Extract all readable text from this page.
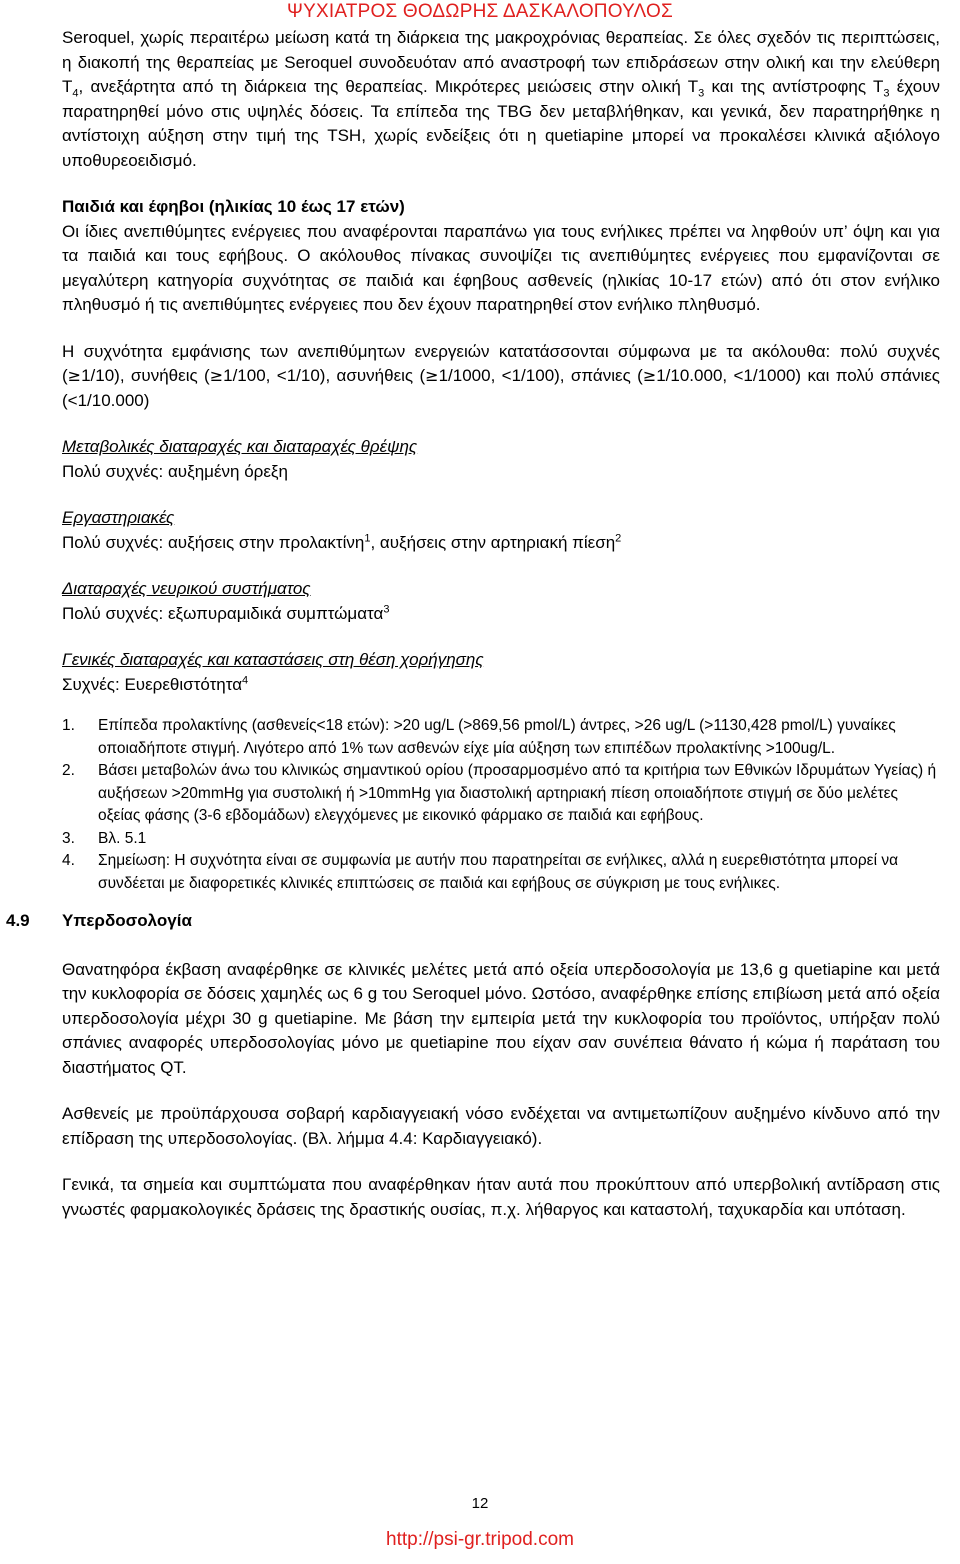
ΨΥΧΙΑΤΡΟΣ ΘΟΔΩΡΗΣ ΔΑΣΚΑΛΟΠΟΥΛΟΣ

Seroquel, χωρίς περαιτέρω μείωση κατά τη διάρκεια της μακροχρόνιας θεραπείας. Σε όλες σχεδόν τις περιπτώσεις, η διακοπή της θεραπείας με Seroquel συνοδευόταν από αναστροφή των επιδράσεων στην ολική και την ελεύθερη $T_4$, ανεξάρτητα από τη διάρκεια της θεραπείας. Μικρότερες μειώσεις στην ολική $T_3$ και της αντίστροφης $T_3$ έχουν παρατηρηθεί μόνο στις υψηλές δόσεις. Τα επίπεδα της TBG δεν μεταβλήθηκαν, και γενικά, δεν παρατηρήθηκε η αντίστοιχη αύξηση στην τιμή της TSH, χωρίς ενδείξεις ότι η quetiapine μπορεί να προκαλέσει κλινικά αξιόλογο υποθυρεοειδισμό.

Παιδιά και έφηβοι (ηλικίας 10 έως 17 ετών)

Οι ίδιες ανεπιθύμητες ενέργειες που αναφέρονται παραπάνω για τους ενήλικες πρέπει να ληφθούν υπ’ όψη και για τα παιδιά και τους εφήβους. Ο ακόλουθος πίνακας συνοψίζει τις ανεπιθύμητες ενέργειες που εμφανίζονται σε μεγαλύτερη κατηγορία συχνότητας σε παιδιά και έφηβους ασθενείς (ηλικίας 10-17 ετών) από ότι στον ενήλικο πληθυσμό ή τις ανεπιθύμητες ενέργειες που δεν έχουν παρατηρηθεί στον ενήλικο πληθυσμό.

Η συχνότητα εμφάνισης των ανεπιθύμητων ενεργειών κατατάσσονται σύμφωνα με τα ακόλουθα: πολύ συχνές (≥1/10), συνήθεις (≥1/100, <1/10), ασυνήθεις (≥1/1000, <1/100), σπάνιες (≥1/10.000, <1/1000) και πολύ σπάνιες (<1/10.000)

Μεταβολικές διαταραχές και διαταραχές θρέψης

Πολύ συχνές: αυξημένη όρεξη

Εργαστηριακές

Πολύ συχνές: αυξήσεις στην προλακτίνη$^1$, αυξήσεις στην αρτηριακή πίεση$^2$

Διαταραχές νευρικού συστήματος

Πολύ συχνές: εξωπυραμιδικά συμπτώματα$^3$

Γενικές διαταραχές και καταστάσεις στη θέση χορήγησης

Συχνές: Ευερεθιστότητα$^4$

1. Επίπεδα προλακτίνης (ασθενείς<18 ετών): >20 ug/L (>869,56 pmol/L) άντρες, >26 ug/L (>1130,428 pmol/L) γυναίκες οποιαδήποτε στιγμή. Λιγότερο από 1% των ασθενών είχε μία αύξηση των επιπέδων προλακτίνης >100ug/L.
2. Βάσει μεταβολών άνω του κλινικώς σημαντικού ορίου (προσαρμοσμένο από τα κριτήρια των Εθνικών Ιδρυμάτων Υγείας) ή αυξήσεων >20mmHg για συστολική ή >10mmHg για διαστολική αρτηριακή πίεση οποιαδήποτε στιγμή σε δύο μελέτες οξείας φάσης (3-6 εβδομάδων) ελεγχόμενες με εικονικό φάρμακο σε παιδιά και εφήβους.
3. Βλ. 5.1
4. Σημείωση: Η συχνότητα είναι σε συμφωνία με αυτήν που παρατηρείται σε ενήλικες, αλλά η ευερεθιστότητα μπορεί να συνδέεται με διαφορετικές κλινικές επιπτώσεις σε παιδιά και εφήβους σε σύγκριση με τους ενήλικες.

4.9 Υπερδοσολογία

Θανατηφόρα έκβαση αναφέρθηκε σε κλινικές μελέτες μετά από οξεία υπερδοσολογία με 13,6 g quetiapine και μετά την κυκλοφορία σε δόσεις χαμηλές ως 6 g του Seroquel μόνο. Ωστόσο, αναφέρθηκε επίσης επιβίωση μετά από οξεία υπερδοσολογία μέχρι 30 g quetiapine. Με βάση την εμπειρία μετά την κυκλοφορία του προϊόντος, υπήρξαν πολύ σπάνιες αναφορές υπερδοσολογίας μόνο με quetiapine που είχαν σαν συνέπεια θάνατο ή κώμα ή παράταση του διαστήματος QT.

Ασθενείς με προϋπάρχουσα σοβαρή καρδιαγγειακή νόσο ενδέχεται να αντιμετωπίζουν αυξημένο κίνδυνο από την επίδραση της υπερδοσολογίας. (Βλ. λήμμα 4.4: Καρδιαγγειακό).

Γενικά, τα σημεία και συμπτώματα που αναφέρθηκαν ήταν αυτά που προκύπτουν από υπερβολική αντίδραση στις γνωστές φαρμακολογικές δράσεις της δραστικής ουσίας, π.χ. λήθαργος και καταστολή, ταχυκαρδία και υπόταση.

12
http://psi-gr.tripod.com
